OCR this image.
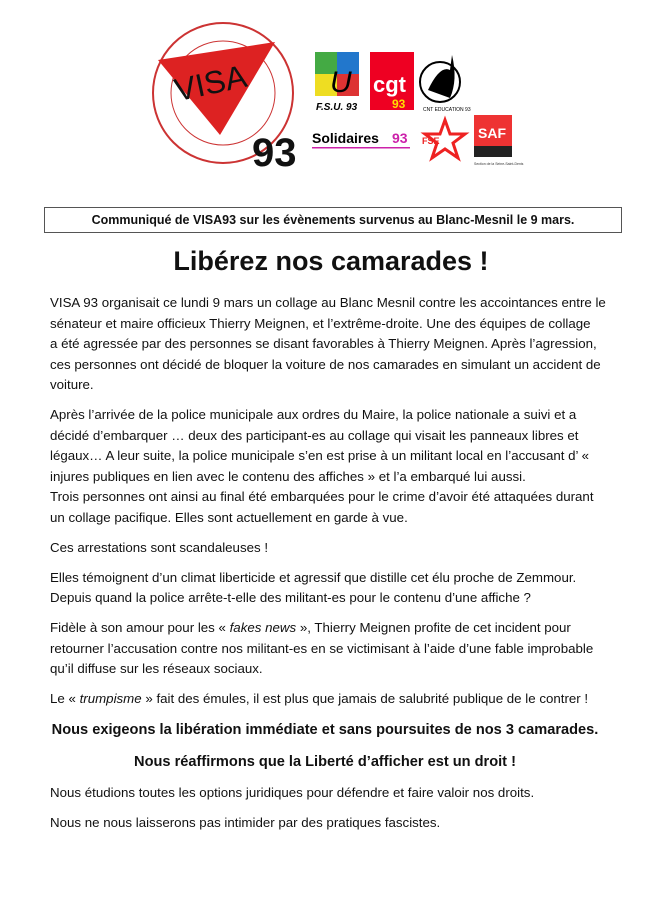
VISA
93
U
F.S.U. 93
cgt
93	CNT EDUCATION 93
Solidaires 93 FSE	SAF
Section de la Seine-Saint-Denis
Communiqué de VISA93 sur les évènements survenus au Blanc-Mesnil le 9 mars.
Libérez nos camarades !
VISA 93 organisait ce lundi 9 mars un collage au Blanc Mesnil contre les accointances entre le
sénateur et maire officieux Thierry Meignen, et l’extrême-droite. Une des équipes de collage
a été agressée par des personnes se disant favorables à Thierry Meignen. Après l’agression,
ces personnes ont décidé de bloquer la voiture de nos camarades en simulant un accident de
voiture.
Après l’arrivée de la police municipale aux ordres du Maire, la police nationale a suivi et a
décidé d’embarquer … deux des participant-es au collage qui visait les panneaux libres et
légaux… A leur suite, la police municipale s’en est prise à un militant local en l’accusant d’ «
injures publiques en lien avec le contenu des affiches » et l’a embarqué lui aussi.
Trois personnes ont ainsi au final été embarquées pour le crime d’avoir été attaquées durant
un collage pacifique. Elles sont actuellement en garde à vue.
Ces arrestations sont scandaleuses !
Elles témoignent d’un climat liberticide et agressif que distille cet élu proche de Zemmour.
Depuis quand la police arrête-t-elle des militant-es pour le contenu d’une affiche ?
Fidèle à son amour pour les « fakes news », Thierry Meignen profite de cet incident pour
retourner l’accusation contre nos militant-es en se victimisant à l’aide d’une fable improbable
qu’il diffuse sur les réseaux sociaux.
Le « trumpisme » fait des émules, il est plus que jamais de salubrité publique de le contrer !
Nous exigeons la libération immédiate et sans poursuites de nos 3 camarades.
Nous réaffirmons que la Liberté d’afficher est un droit !
Nous étudions toutes les options juridiques pour défendre et faire valoir nos droits.
Nous ne nous laisserons pas intimider par des pratiques fascistes.
